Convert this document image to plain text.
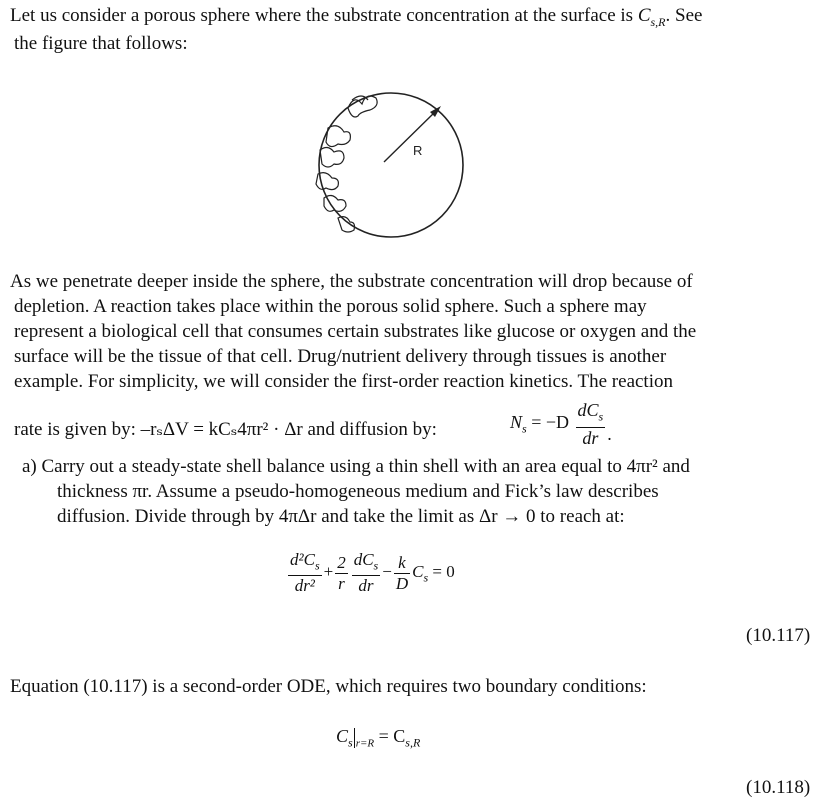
Let us consider a porous sphere where the substrate concentration at the surface is $C_{s,R}$. See
the figure that follows:
R
As we penetrate deeper inside the sphere, the substrate concentration will drop because of
depletion. A reaction takes place within the porous solid sphere. Such a sphere may
represent a biological cell that consumes certain substrates like glucose or oxygen and the
surface will be the tissue of that cell. Drug/nutrient delivery through tissues is another
example. For simplicity, we will consider the first-order reaction kinetics. The reaction
rate is given by: –rₛΔV = kCₛ4πr² · Δr and diffusion by:	$N_s = -D \frac{dC_s}{dr}$ .
a) Carry out a steady-state shell balance using a thin shell with an area equal to 4πr² and
thickness πr. Assume a pseudo-homogeneous medium and Fick’s law describes
diffusion. Divide through by 4πΔr and take the limit as Δr → 0 to reach at:
$\frac{d^2C_s}{\text{dr²}} + \frac{2}{r} \frac{dC_s}{dr} - \frac{k}{D} C_s = 0$
(10.117)
Equation (10.117) is a second-order ODE, which requires two boundary conditions:
$C_s$ $_{r=R} = C_{s,R}$
(10.118)
